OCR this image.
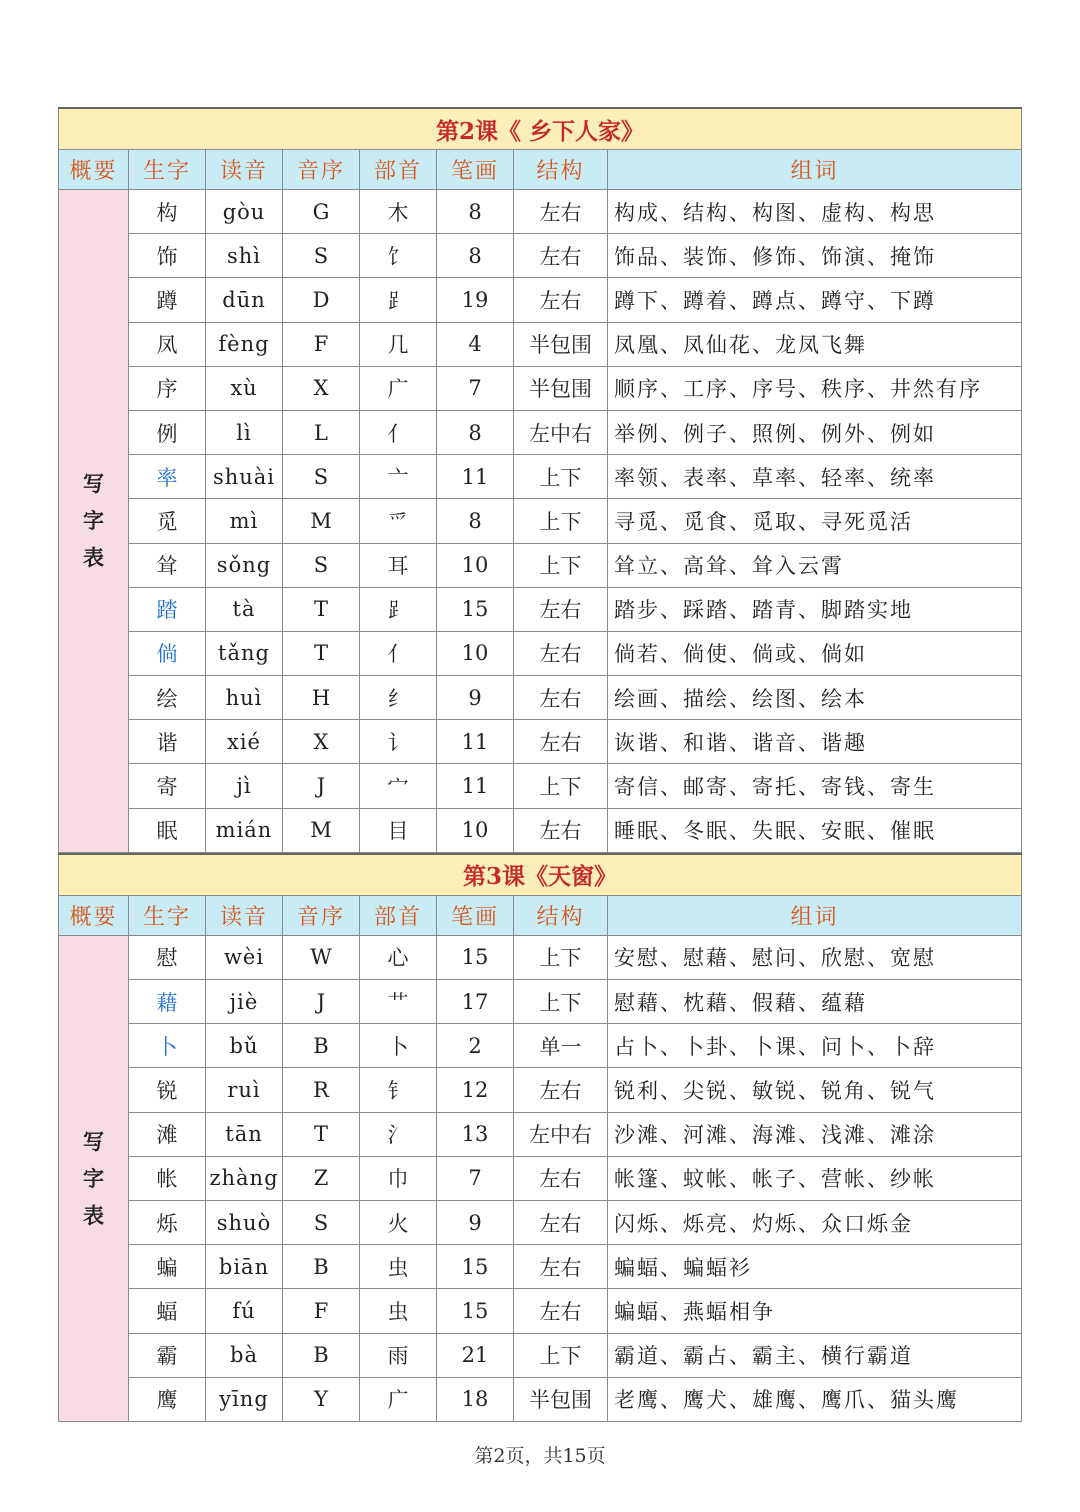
第2课《 乡下人家》							
概要	生字	读音	音序	部首	笔画	结构	组词
写
字
表	构	gòu	G	木	8	左右	构成、结构、构图、虚构、构思
	饰	shì	S	饣	8	左右	饰品、装饰、修饰、饰演、掩饰
	蹲	dūn	D	⻊	19	左右	蹲下、蹲着、蹲点、蹲守、下蹲
	凤	fèng	F	几	4	半包围	凤凰、凤仙花、龙凤飞舞
	序	xù	X	广	7	半包围	顺序、工序、序号、秩序、井然有序
	例	lì	L	亻	8	左中右	举例、例子、照例、例外、例如
	率	shuài	S	亠	11	上下	率领、表率、草率、轻率、统率
	觅	mì	M	爫	8	上下	寻觅、觅食、觅取、寻死觅活
	耸	sǒng	S	耳	10	上下	耸立、高耸、耸入云霄
	踏	tà	T	⻊	15	左右	踏步、踩踏、踏青、脚踏实地
	倘	tǎng	T	亻	10	左右	倘若、倘使、倘或、倘如
	绘	huì	H	纟	9	左右	绘画、描绘、绘图、绘本
	谐	xié	X	讠	11	左右	诙谐、和谐、谐音、谐趣
	寄	jì	J	宀	11	上下	寄信、邮寄、寄托、寄钱、寄生
	眠	mián	M	目	10	左右	睡眠、冬眠、失眠、安眠、催眠
第3课《天窗》							
概要	生字	读音	音序	部首	笔画	结构	组词
写
字
表	慰	wèi	W	心	15	上下	安慰、慰藉、慰问、欣慰、宽慰
	藉	jiè	J	艹	17	上下	慰藉、枕藉、假藉、蕴藉
	卜	bǔ	B	卜	2	单一	占卜、卜卦、卜课、问卜、卜辞
	锐	ruì	R	钅	12	左右	锐利、尖锐、敏锐、锐角、锐气
	滩	tān	T	氵	13	左中右	沙滩、河滩、海滩、浅滩、滩涂
	帐	zhàng	Z	巾	7	左右	帐篷、蚊帐、帐子、营帐、纱帐
	烁	shuò	S	火	9	左右	闪烁、烁亮、灼烁、众口烁金
	蝙	biān	B	虫	15	左右	蝙蝠、蝙蝠衫
	蝠	fú	F	虫	15	左右	蝙蝠、燕蝠相争
	霸	bà	B	雨	21	上下	霸道、霸占、霸主、横行霸道
	鹰	yīng	Y	广	18	半包围	老鹰、鹰犬、雄鹰、鹰爪、猫头鹰
第2页，共15页
